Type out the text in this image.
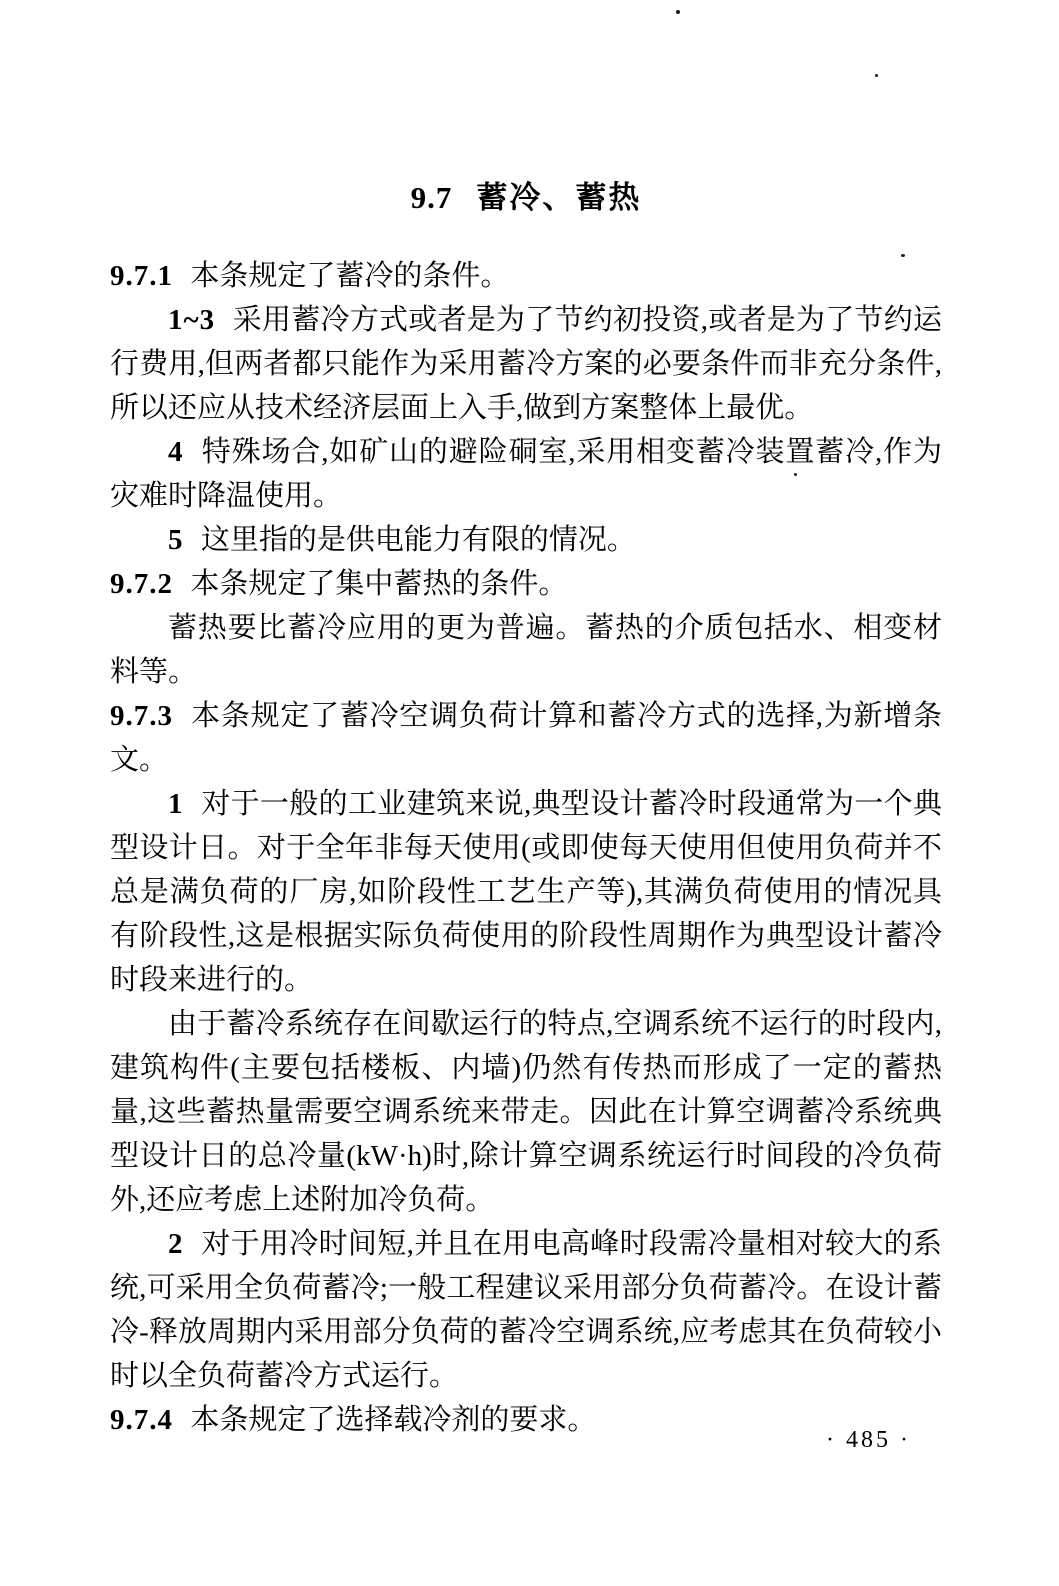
9.7 蓄冷、蓄热

9.7.1 本条规定了蓄冷的条件。

1~3 采用蓄冷方式或者是为了节约初投资,或者是为了节约运行费用,但两者都只能作为采用蓄冷方案的必要条件而非充分条件,所以还应从技术经济层面上入手,做到方案整体上最优。

4 特殊场合,如矿山的避险硐室,采用相变蓄冷装置蓄冷,作为灾难时降温使用。

5 这里指的是供电能力有限的情况。

9.7.2 本条规定了集中蓄热的条件。

蓄热要比蓄冷应用的更为普遍。蓄热的介质包括水、相变材料等。

9.7.3 本条规定了蓄冷空调负荷计算和蓄冷方式的选择,为新增条文。

1 对于一般的工业建筑来说,典型设计蓄冷时段通常为一个典型设计日。对于全年非每天使用(或即使每天使用但使用负荷并不总是满负荷的厂房,如阶段性工艺生产等),其满负荷使用的情况具有阶段性,这是根据实际负荷使用的阶段性周期作为典型设计蓄冷时段来进行的。

由于蓄冷系统存在间歇运行的特点,空调系统不运行的时段内,建筑构件(主要包括楼板、内墙)仍然有传热而形成了一定的蓄热量,这些蓄热量需要空调系统来带走。因此在计算空调蓄冷系统典型设计日的总冷量(kW·h)时,除计算空调系统运行时间段的冷负荷外,还应考虑上述附加冷负荷。

2 对于用冷时间短,并且在用电高峰时段需冷量相对较大的系统,可采用全负荷蓄冷;一般工程建议采用部分负荷蓄冷。在设计蓄冷-释放周期内采用部分负荷的蓄冷空调系统,应考虑其在负荷较小时以全负荷蓄冷方式运行。

9.7.4 本条规定了选择载冷剂的要求。

· 485 ·
